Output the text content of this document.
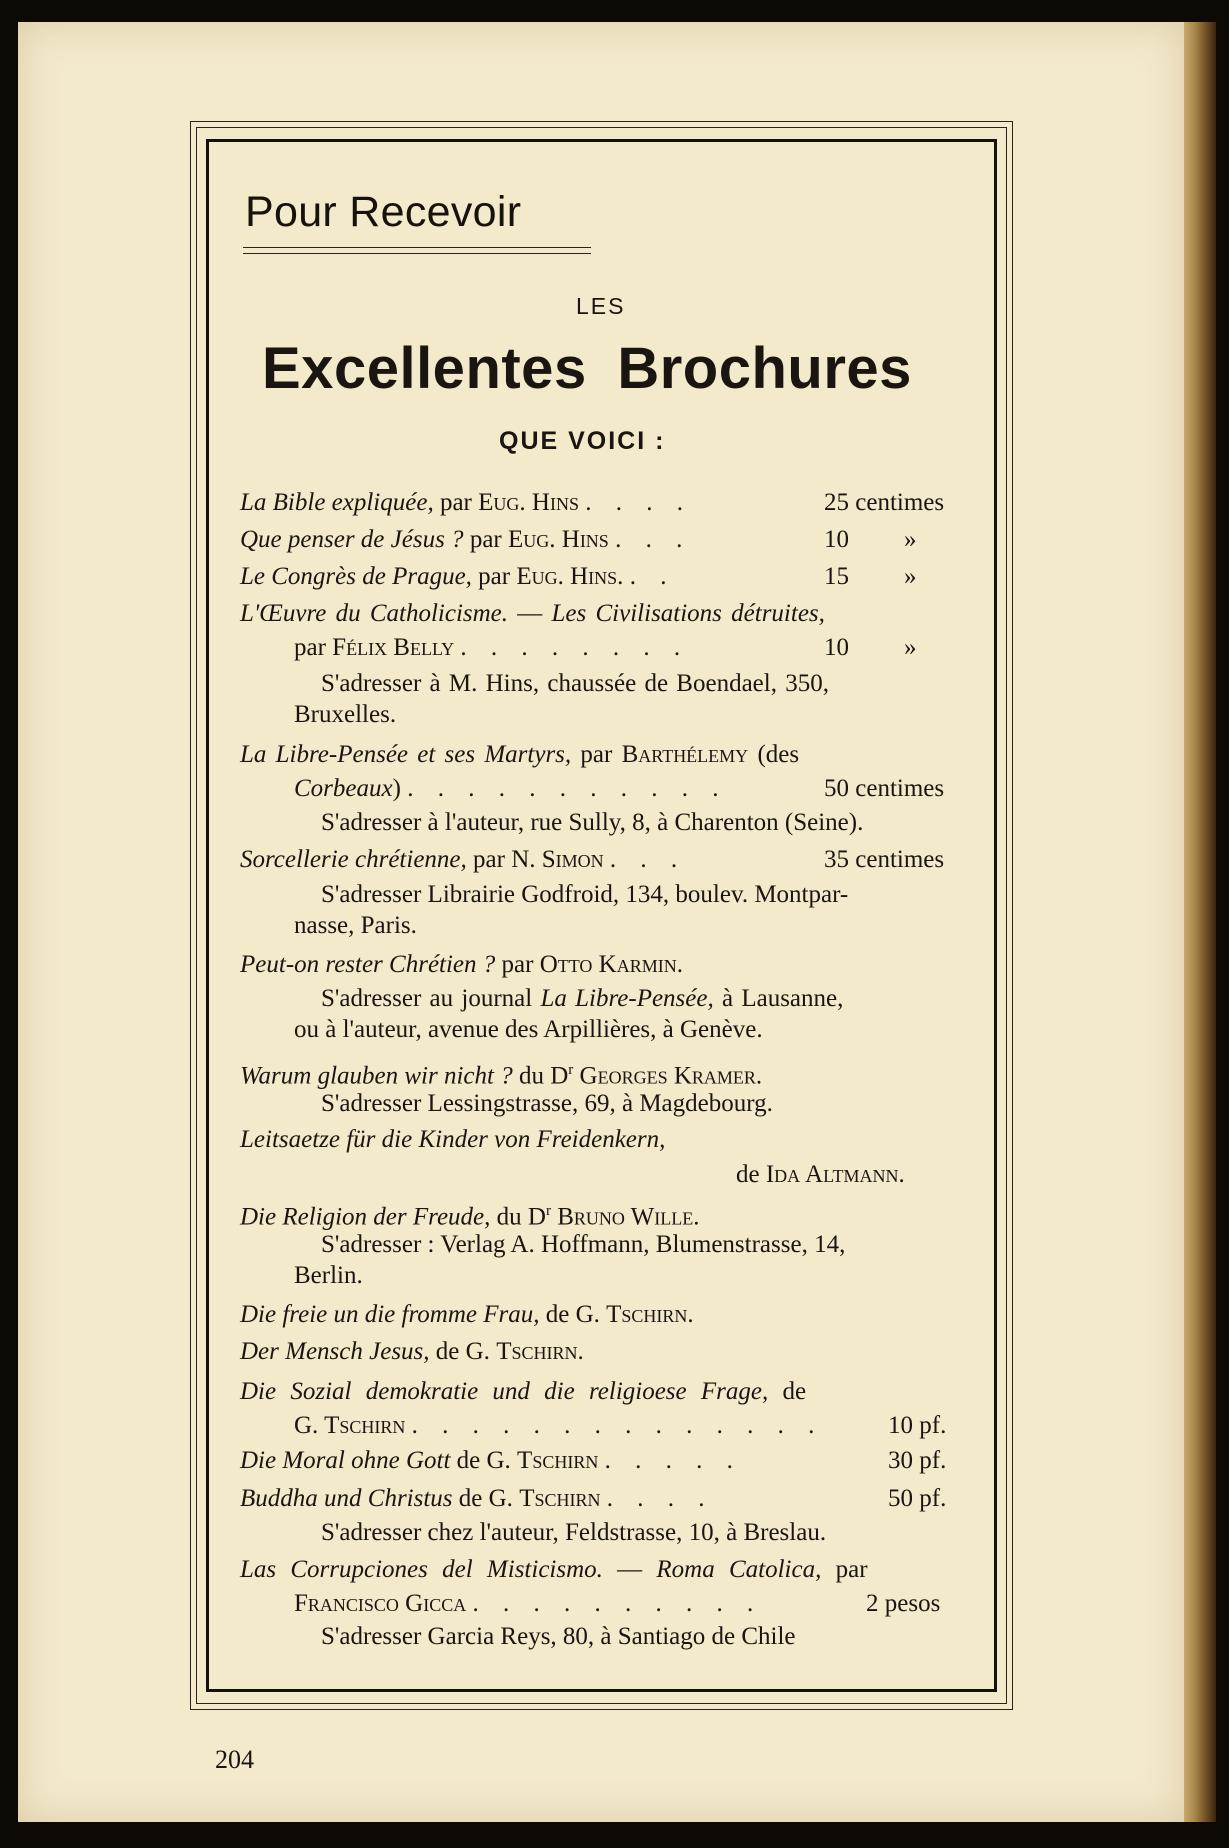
Pour Recevoir
LES
Excellentes Brochures
QUE VOICI :
La Bible expliquée, par Eug. Hins . . . .	25 centimes
Que penser de Jésus ? par Eug. Hins . . .	10 »
Le Congrès de Prague, par Eug. Hins. . .	15 »
L'Œuvre du Catholicisme. — Les Civilisations détruites,
par Félix Belly . . . . . . . .	10 »
S'adresser à M. Hins, chaussée de Boendael, 350,
Bruxelles.
La Libre-Pensée et ses Martyrs, par Barthélemy (des
Corbeaux) . . . . . . . . . . .	50 centimes
S'adresser à l'auteur, rue Sully, 8, à Charenton (Seine).
Sorcellerie chrétienne, par N. Simon . . .	35 centimes
S'adresser Librairie Godfroid, 134, boulev. Montpar-
nasse, Paris.
Peut-on rester Chrétien ? par Otto Karmin.
S'adresser au journal La Libre-Pensée, à Lausanne,
ou à l'auteur, avenue des Arpillières, à Genève.
Warum glauben wir nicht ? du $D^r$ Georges Kramer.
S'adresser Lessingstrasse, 69, à Magdebourg.
Leitsaetze für die Kinder von Freidenkern,
de Ida Altmann.
Die Religion der Freude, du $D^r$ Bruno Wille.
S'adresser : Verlag A. Hoffmann, Blumenstrasse, 14,
Berlin.
Die freie un die fromme Frau, de G. Tschirn.
Der Mensch Jesus, de G. Tschirn.
Die Sozial demokratie und die religioese Frage, de
G. Tschirn . . . . . . . . . . . . . .	10 pf.
Die Moral ohne Gott de G. Tschirn . . . . .	30 pf.
Buddha und Christus de G. Tschirn . . . .	50 pf.
S'adresser chez l'auteur, Feldstrasse, 10, à Breslau.
Las Corrupciones del Misticismo. — Roma Catolica, par
Francisco Gicca . . . . . . . . . .	2 pesos
S'adresser Garcia Reys, 80, à Santiago de Chile
204
